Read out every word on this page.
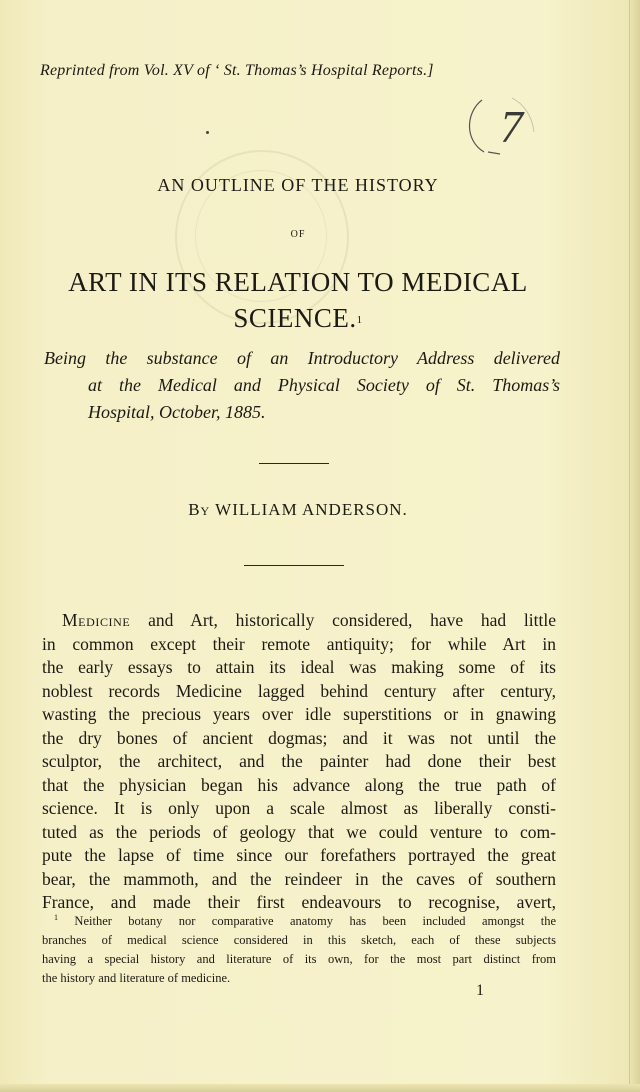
Reprinted from Vol. XV of ‘ St. Thomas’s Hospital Reports.]
7
AN OUTLINE OF THE HISTORY
OF
ART IN ITS RELATION TO MEDICAL
SCIENCE.$^1$
Being the substance of an Introductory Address delivered
at the Medical and Physical Society of St. Thomas’s
Hospital, October, 1885.
By WILLIAM ANDERSON.
Medicine and Art, historically considered, have had little
in common except their remote antiquity; for while Art in
the early essays to attain its ideal was making some of its
noblest records Medicine lagged behind century after century,
wasting the precious years over idle superstitions or in gnawing
the dry bones of ancient dogmas; and it was not until the
sculptor, the architect, and the painter had done their best
that the physician began his advance along the true path of
science. It is only upon a scale almost as liberally consti-
tuted as the periods of geology that we could venture to com-
pute the lapse of time since our forefathers portrayed the great
bear, the mammoth, and the reindeer in the caves of southern
France, and made their first endeavours to recognise, avert,
$^1$ Neither botany nor comparative anatomy has been included amongst the
branches of medical science considered in this sketch, each of these subjects
having a special history and literature of its own, for the most part distinct from
the history and literature of medicine.
1
